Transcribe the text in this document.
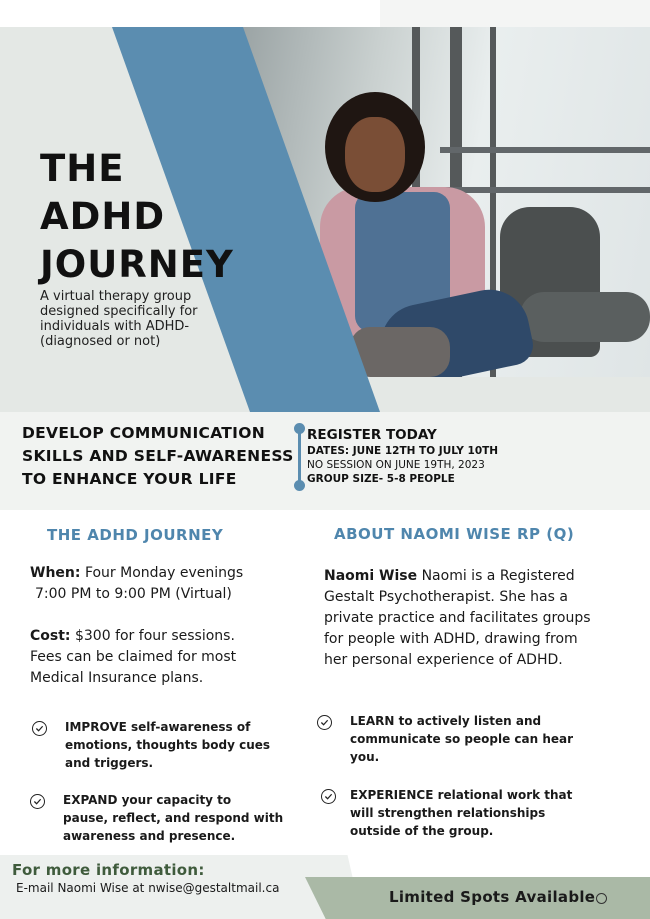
THE
ADHD
JOURNEY
A virtual therapy group designed specifically for individuals with ADHD- (diagnosed or not)
DEVELOP COMMUNICATION
SKILLS AND SELF-AWARENESS
TO ENHANCE YOUR LIFE
REGISTER TODAY
DATES: JUNE 12TH TO JULY 10TH
NO SESSION ON JUNE 19TH, 2023
GROUP SIZE- 5-8 PEOPLE
THE ADHD JOURNEY
When: Four Monday evenings
7:00 PM to 9:00 PM (Virtual)
Cost: $300 for four sessions.
Fees can be claimed for most
Medical Insurance plans.
IMPROVE self-awareness of
emotions, thoughts body cues
and triggers.
EXPAND your capacity to
pause, reflect, and respond with
awareness and presence.
ABOUT NAOMI WISE RP (Q)
Naomi Wise Naomi is a Registered
Gestalt Psychotherapist. She has a
private practice and facilitates groups
for people with ADHD, drawing from
her personal experience of ADHD.
LEARN to actively listen and
communicate so people can hear
you.
EXPERIENCE relational work that
will strengthen relationships
outside of the group.
For more information:
E-mail Naomi Wise at nwise@gestaltmail.ca	Limited Spots Available
